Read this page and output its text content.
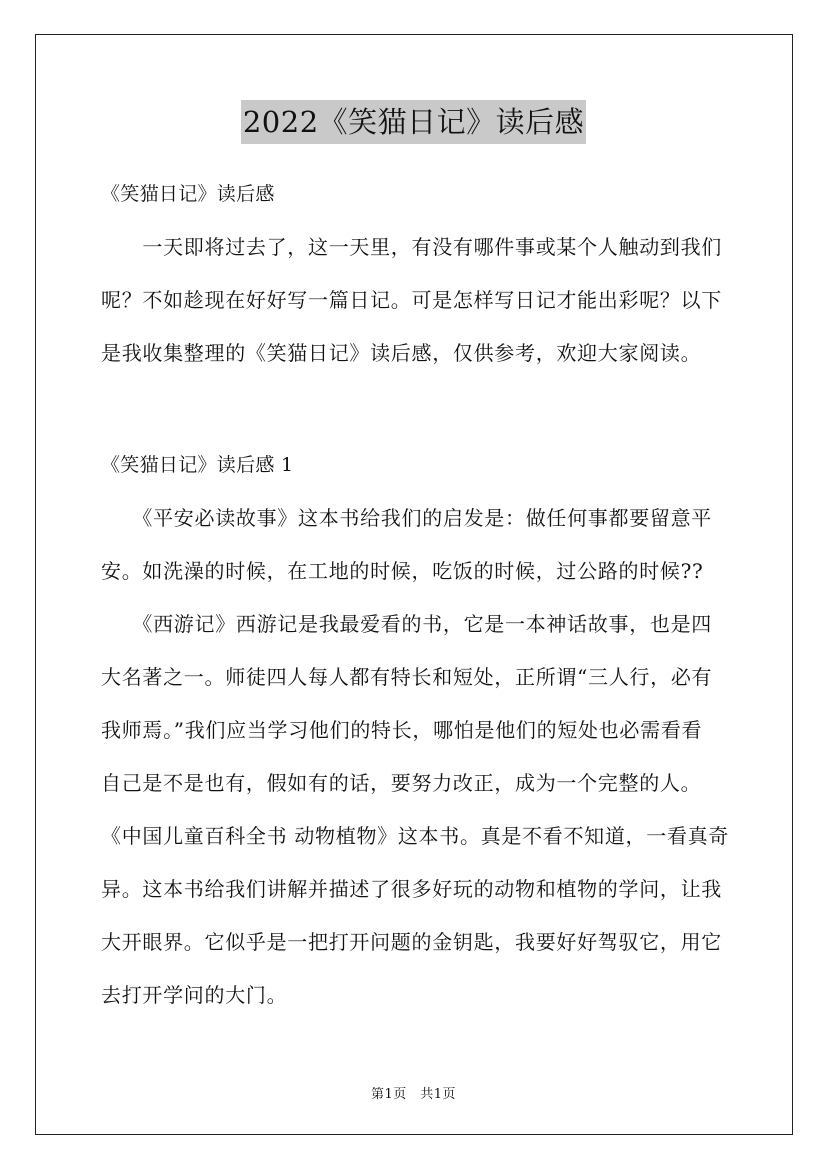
2022《笑猫日记》读后感
《笑猫日记》读后感
　　一天即将过去了，这一天里，有没有哪件事或某个人触动到我们
呢？不如趁现在好好写一篇日记。可是怎样写日记才能出彩呢？以下
是我收集整理的《笑猫日记》读后感，仅供参考，欢迎大家阅读。
《笑猫日记》读后感 1
　　《平安必读故事》这本书给我们的启发是：做任何事都要留意平
安。如洗澡的时候，在工地的时候，吃饭的时候，过公路的时候??
　　《西游记》西游记是我最爱看的书，它是一本神话故事，也是四
大名著之一。师徒四人每人都有特长和短处，正所谓“三人行，必有
我师焉。”我们应当学习他们的特长，哪怕是他们的短处也必需看看
自己是不是也有，假如有的话，要努力改正，成为一个完整的人。
《中国儿童百科全书 动物植物》这本书。真是不看不知道，一看真奇
异。这本书给我们讲解并描述了很多好玩的动物和植物的学问，让我
大开眼界。它似乎是一把打开问题的金钥匙，我要好好驾驭它，用它
去打开学问的大门。
第1页　共1页
